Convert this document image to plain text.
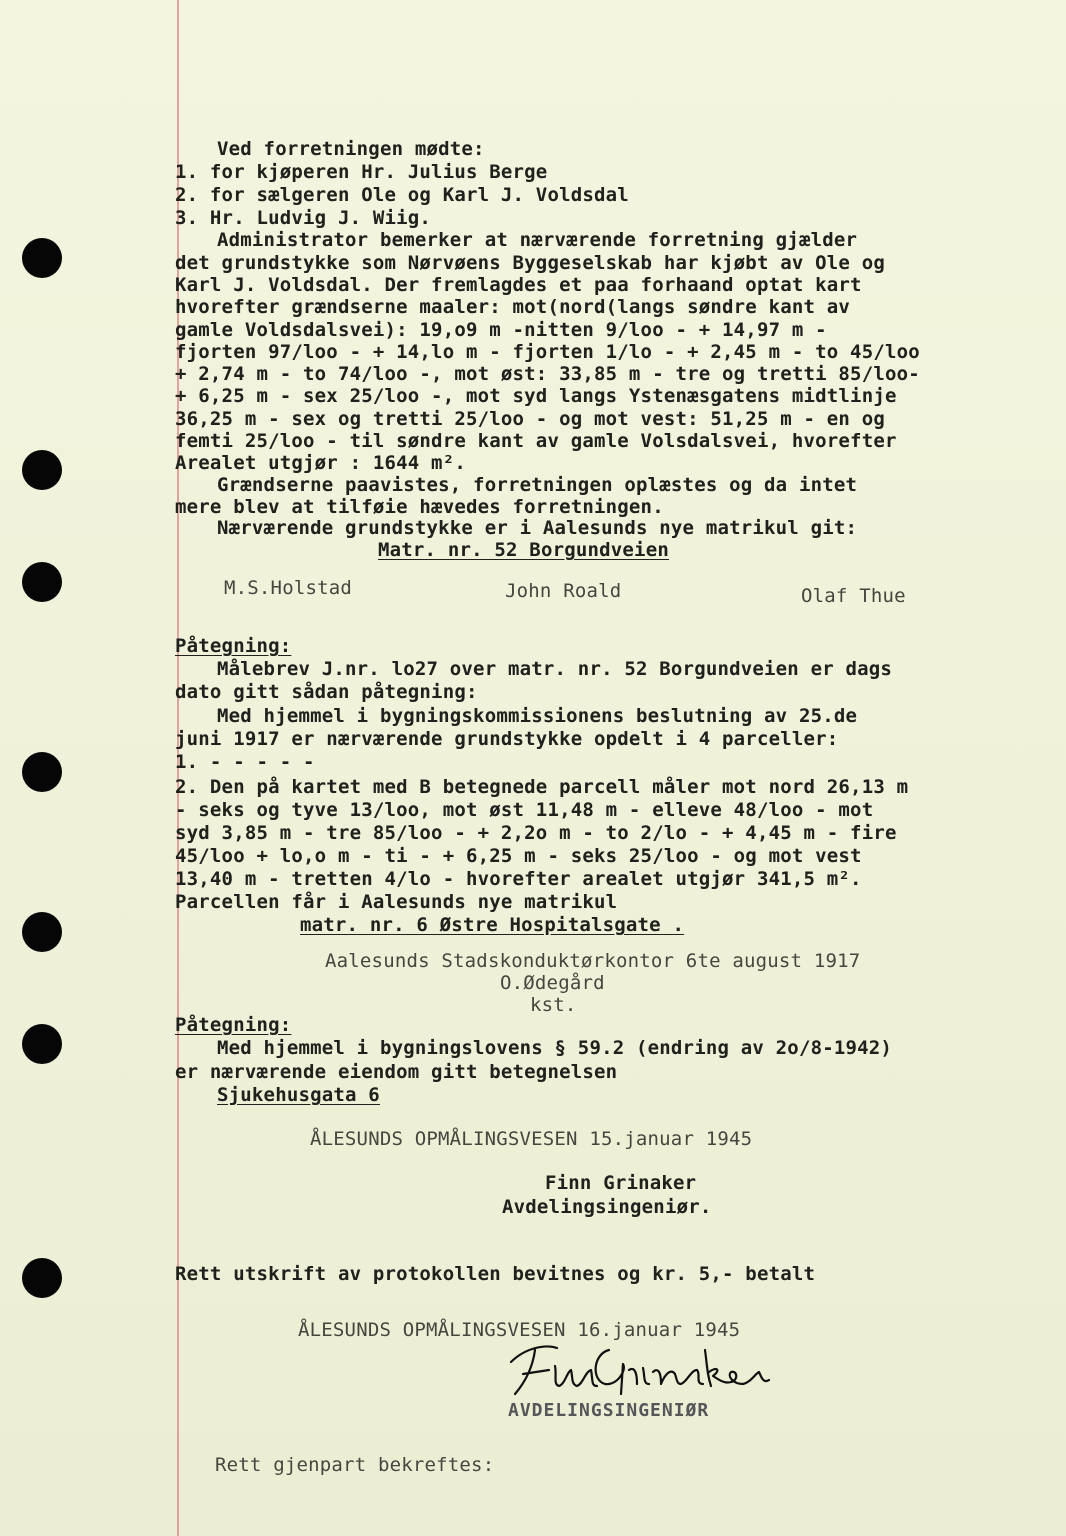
Ved forretningen mødte:
1. for kjøperen Hr. Julius Berge
2. for sælgeren Ole og Karl J. Voldsdal
3. Hr. Ludvig J. Wiig.
Administrator bemerker at nærværende forretning gjælder
det grundstykke som Nørvøens Byggeselskab har kjøbt av Ole og
Karl J. Voldsdal. Der fremlagdes et paa forhaand optat kart
hvorefter grændserne maaler: mot(nord(langs søndre kant av
gamle Voldsdalsvei): 19,o9 m -nitten 9/loo - + 14,97 m -
fjorten 97/loo - + 14,lo m - fjorten 1/lo - + 2,45 m - to 45/loo
+ 2,74 m - to 74/loo -, mot øst: 33,85 m - tre og tretti 85/loo-
+ 6,25 m - sex 25/loo -, mot syd langs Ystenæsgatens midtlinje
36,25 m - sex og tretti 25/loo - og mot vest: 51,25 m - en og
femti 25/loo - til søndre kant av gamle Volsdalsvei, hvorefter
Arealet utgjør : 1644 m².
Grændserne paavistes, forretningen oplæstes og da intet
mere blev at tilføie hævedes forretningen.
Nærværende grundstykke er i Aalesunds nye matrikul git:
Matr. nr. 52 Borgundveien
M.S.Holstad	John Roald	Olaf Thue
Påtegning:
Målebrev J.nr. lo27 over matr. nr. 52 Borgundveien er dags
dato gitt sådan påtegning:
Med hjemmel i bygningskommissionens beslutning av 25.de
juni 1917 er nærværende grundstykke opdelt i 4 parceller:
1. - - - - -
2. Den på kartet med B betegnede parcell måler mot nord 26,13 m
- seks og tyve 13/loo, mot øst 11,48 m - elleve 48/loo - mot
syd 3,85 m - tre 85/loo - + 2,2o m - to 2/lo - + 4,45 m - fire
45/loo + lo,o m - ti - + 6,25 m - seks 25/loo - og mot vest
13,40 m - tretten 4/lo - hvorefter arealet utgjør 341,5 m².
Parcellen får i Aalesunds nye matrikul
matr. nr. 6 Østre Hospitalsgate .
Aalesunds Stadskonduktørkontor 6te august 1917
O.Ødegård
kst.
Påtegning:
Med hjemmel i bygningslovens § 59.2 (endring av 2o/8-1942)
er nærværende eiendom gitt betegnelsen
Sjukehusgata 6
ÅLESUNDS OPMÅLINGSVESEN 15.januar 1945
Finn Grinaker
Avdelingsingeniør.
Rett utskrift av protokollen bevitnes og kr. 5,- betalt
ÅLESUNDS OPMÅLINGSVESEN 16.januar 1945
AVDELINGSINGENIØR
Rett gjenpart bekreftes:
